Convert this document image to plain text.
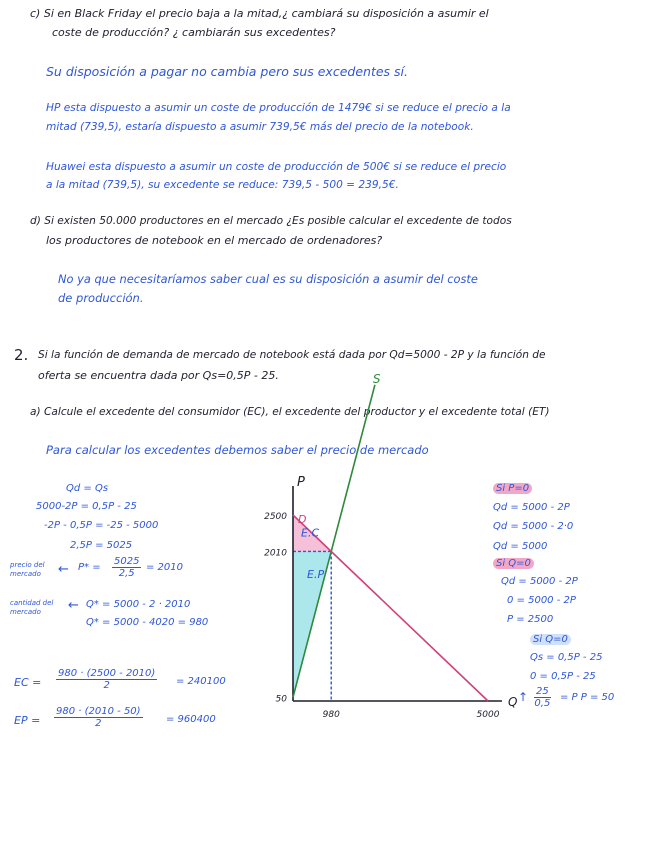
c) Si en Black Friday el precio baja a la mitad,¿ cambiará su disposición a asumir el
coste de producción? ¿ cambiarán sus excedentes?
Su disposición a pagar no cambia pero sus excedentes sí.
HP esta dispuesto a asumir un coste de producción de 1479€ si se reduce el precio a la
mitad (739,5), estaría dispuesto a asumir 739,5€ más del precio de la notebook.
Huawei esta dispuesto a asumir un coste de producción de 500€ si se reduce el precio
a la mitad (739,5), su excedente se reduce: 739,5 - 500 = 239,5€.
d) Si existen 50.000 productores en el mercado ¿Es posible calcular el excedente de todos
los productores de notebook en el mercado de ordenadores?
No ya que necesitaríamos saber cual es su disposición a asumir del coste
de producción.
2. Si la función de demanda de mercado de notebook está dada por Qd=5000 - 2P y la función de
oferta se encuentra dada por Qs=0,5P - 25.
a) Calcule el excedente del consumidor (EC), el excedente del productor y el excedente total (ET)
Para calcular los excedentes debemos saber el precio de mercado
Qd = Qs
5000-2P = 0,5P - 25
-2P - 0,5P = -25 - 5000
2,5P = 5025
precio del mercado	← $P* = \frac{5025}{2,5} = 2010$
cantidad del mercado	← Q* = 5000 - 2 · 2010
Q* = 5000 - 4020 = 980
EC = $\frac{980 \cdot (2500 - 2010)}{2} = 240100$
EP = $\frac{980 \cdot (2010 - 50)}{2} = 960400$
P
Q
D
S
50
2010
2500
980	5000
E.C
E.P
Si P=0
Qd = 5000 - 2P
Qd = 5000 - 2·0
Qd = 5000
Si Q=0
Qd = 5000 - 2P
0 = 5000 - 2P
P = 2500
Si Q=0
Qs = 0,5P - 25
0 = 0,5P - 25
↑ $\frac{25}{0,5} = P$ P = 50
